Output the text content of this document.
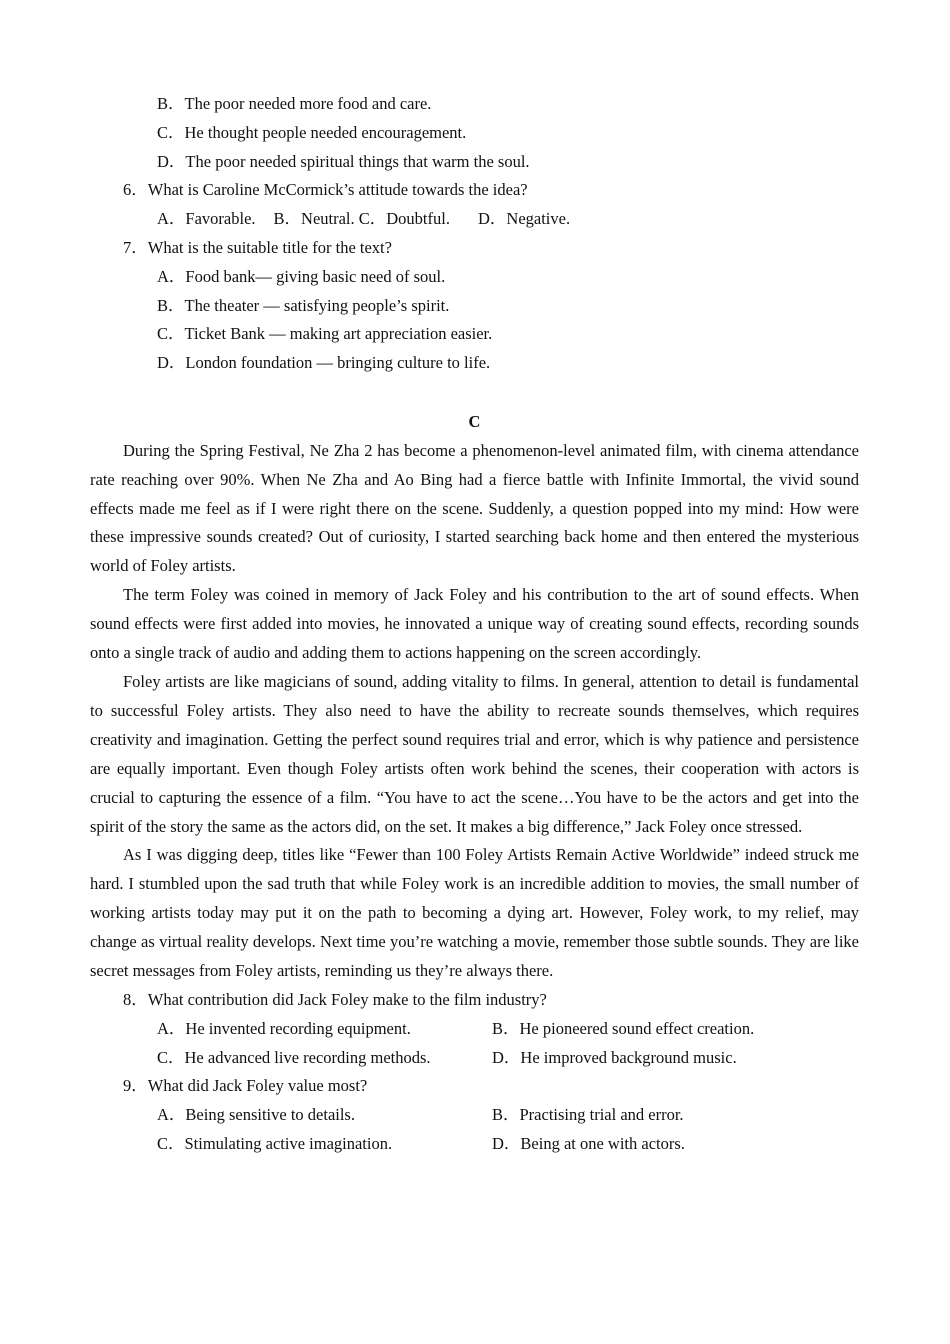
B．The poor needed more food and care.
C．He thought people needed encouragement.
D．The poor needed spiritual things that warm the soul.
6．What is Caroline McCormick’s attitude towards the idea?
A．Favorable. B．Neutral. C．Doubtful. D．Negative.
7．What is the suitable title for the text?
A．Food bank— giving basic need of soul.
B．The theater — satisfying people’s spirit.
C．Ticket Bank — making art appreciation easier.
D．London foundation — bringing culture to life.
C

During the Spring Festival, Ne Zha 2 has become a phenomenon-level animated film, with cinema attendance rate reaching over 90%. When Ne Zha and Ao Bing had a fierce battle with Infinite Immortal, the vivid sound effects made me feel as if I were right there on the scene. Suddenly, a question popped into my mind: How were these impressive sounds created? Out of curiosity, I started searching back home and then entered the mysterious world of Foley artists.

The term Foley was coined in memory of Jack Foley and his contribution to the art of sound effects. When sound effects were first added into movies, he innovated a unique way of creating sound effects, recording sounds onto a single track of audio and adding them to actions happening on the screen accordingly.

Foley artists are like magicians of sound, adding vitality to films. In general, attention to detail is fundamental to successful Foley artists. They also need to have the ability to recreate sounds themselves, which requires creativity and imagination. Getting the perfect sound requires trial and error, which is why patience and persistence are equally important. Even though Foley artists often work behind the scenes, their cooperation with actors is crucial to capturing the essence of a film. “You have to act the scene…You have to be the actors and get into the spirit of the story the same as the actors did, on the set. It makes a big difference,” Jack Foley once stressed.

As I was digging deep, titles like “Fewer than 100 Foley Artists Remain Active Worldwide” indeed struck me hard. I stumbled upon the sad truth that while Foley work is an incredible addition to movies, the small number of working artists today may put it on the path to becoming a dying art. However, Foley work, to my relief, may change as virtual reality develops. Next time you’re watching a movie, remember those subtle sounds. They are like secret messages from Foley artists, reminding us they’re always there.

8．What contribution did Jack Foley make to the film industry?
A．He invented recording equipment.	B．He pioneered sound effect creation.
C．He advanced live recording methods.	D．He improved background music.
9．What did Jack Foley value most?
A．Being sensitive to details.	B．Practising trial and error.
C．Stimulating active imagination.	D．Being at one with actors.
